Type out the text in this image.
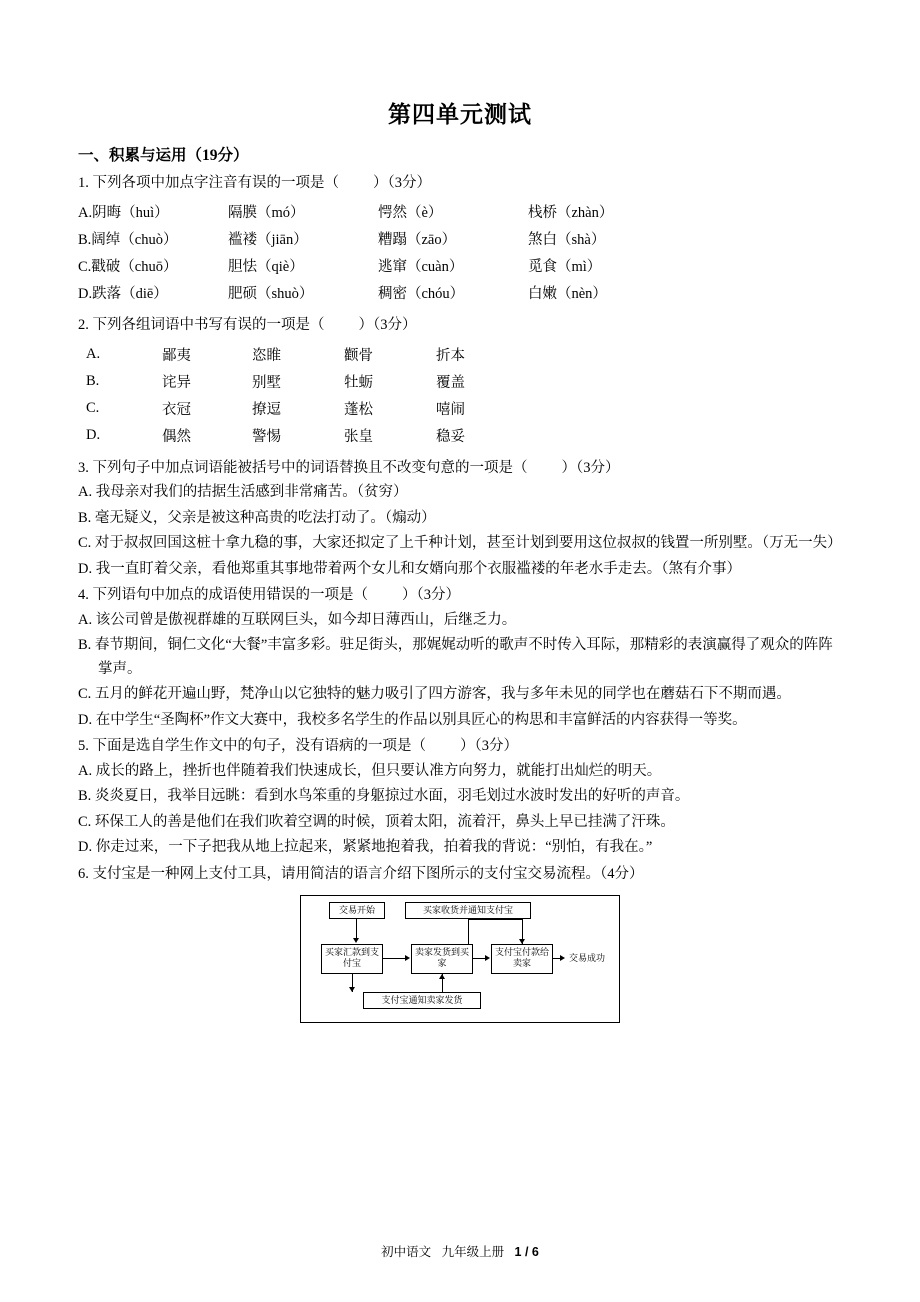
第四单元测试
一、积累与运用（19分）
1. 下列各项中加点字注音有误的一项是（ ）（3分）
A.阴晦（huì）	隔膜（mó）	愕然（è）	栈桥（zhàn）
B.阔绰（chuò）	褴褛（jiān）	糟蹋（zāo）	煞白（shà）
C.戳破（chuō）	胆怯（qiè）	逃窜（cuàn）	觅食（mì）
D.跌落（diē）	肥硕（shuò）	稠密（chóu）	白嫩（nèn）
2. 下列各组词语中书写有误的一项是（ ）（3分）
A.	鄙夷	恣睢	颧骨	折本
B.	诧异	别墅	牡蛎	覆盖
C.	衣冠	撩逗	蓬松	嘻闹
D.	偶然	警惕	张皇	稳妥
3. 下列句子中加点词语能被括号中的词语替换且不改变句意的一项是（ ）（3分）
A. 我母亲对我们的拮据生活感到非常痛苦。（贫穷）
B. 毫无疑义，父亲是被这种高贵的吃法打动了。（煽动）
C. 对于叔叔回国这桩十拿九稳的事，大家还拟定了上千种计划，甚至计划到要用这位叔叔的钱置一所别墅。（万无一失）
D. 我一直盯着父亲，看他郑重其事地带着两个女儿和女婿向那个衣服褴褛的年老水手走去。（煞有介事）
4. 下列语句中加点的成语使用错误的一项是（ ）（3分）
A. 该公司曾是傲视群雄的互联网巨头，如今却日薄西山，后继乏力。
B. 春节期间，铜仁文化“大餐”丰富多彩。驻足街头，那娓娓动听的歌声不时传入耳际，那精彩的表演赢得了观众的阵阵掌声。
C. 五月的鲜花开遍山野，梵净山以它独特的魅力吸引了四方游客，我与多年未见的同学也在蘑菇石下不期而遇。
D. 在中学生“圣陶杯”作文大赛中，我校多名学生的作品以别具匠心的构思和丰富鲜活的内容获得一等奖。
5. 下面是选自学生作文中的句子，没有语病的一项是（ ）（3分）
A. 成长的路上，挫折也伴随着我们快速成长，但只要认准方向努力，就能打出灿烂的明天。
B. 炎炎夏日，我举目远眺：看到水鸟笨重的身躯掠过水面，羽毛划过水波时发出的好听的声音。
C. 环保工人的善是他们在我们吹着空调的时候，顶着太阳，流着汗，鼻头上早已挂满了汗珠。
D. 你走过来，一下子把我从地上拉起来，紧紧地抱着我，拍着我的背说：“别怕，有我在。”
6. 支付宝是一种网上支付工具，请用简洁的语言介绍下图所示的支付宝交易流程。（4分）
交易开始	买家收货并通知支付宝
买家汇款到支付宝
卖家发货到买家
支付宝付款给卖家	交易成功
支付宝通知卖家发货
初中语文 九年级上册 1 / 6
